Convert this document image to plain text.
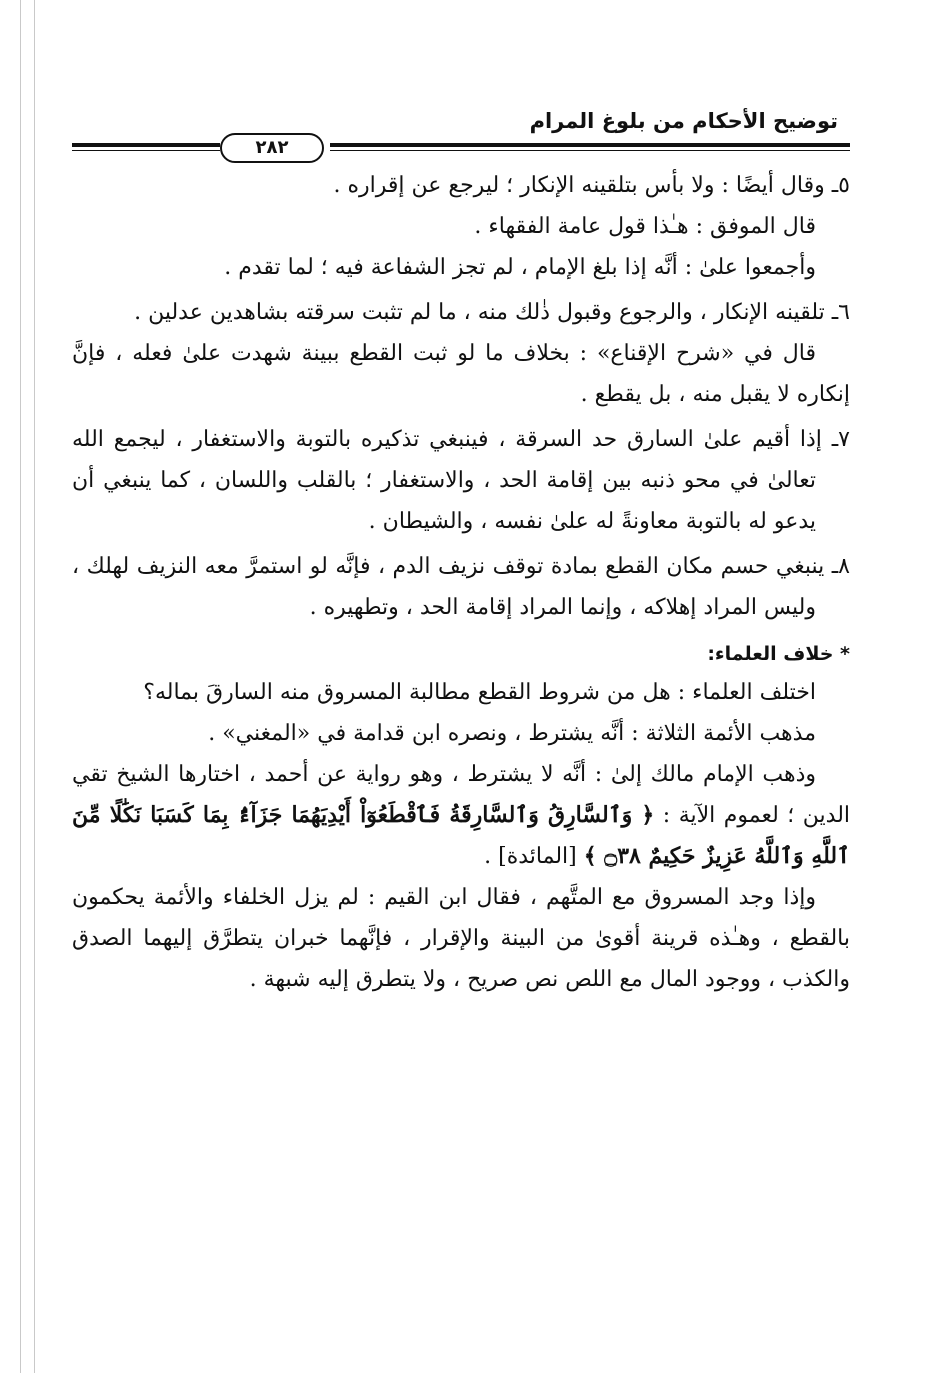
توضيح الأحكام من بلوغ المرام
٢٨٢

٥ـ وقال أيضًا : ولا بأس بتلقينه الإنكار ؛ ليرجع عن إقراره .

قال الموفق : هـٰذا قول عامة الفقهاء .

وأجمعوا علىٰ : أنَّه إذا بلغ الإمام ، لم تجز الشفاعة فيه ؛ لما تقدم .

٦ـ تلقينه الإنكار ، والرجوع وقبول ذٰلك منه ، ما لم تثبت سرقته بشاهدين عدلين .

قال في «شرح الإقناع» : بخلاف ما لو ثبت القطع ببينة شهدت علىٰ فعله ، فإنَّ إنكاره لا يقبل منه ، بل يقطع .

٧ـ إذا أقيم علىٰ السارق حد السرقة ، فينبغي تذكيره بالتوبة والاستغفار ، ليجمع الله تعالىٰ في محو ذنبه بين إقامة الحد ، والاستغفار ؛ بالقلب واللسان ، كما ينبغي أن يدعو له بالتوبة معاونةً له علىٰ نفسه ، والشيطان .

٨ـ ينبغي حسم مكان القطع بمادة توقف نزيف الدم ، فإنَّه لو استمرَّ معه النزيف لهلك ، وليس المراد إهلاكه ، وإنما المراد إقامة الحد ، وتطهيره .

* خلاف العلماء:

اختلف العلماء : هل من شروط القطع مطالبة المسروق منه السارقَ بماله؟

مذهب الأئمة الثلاثة : أنَّه يشترط ، ونصره ابن قدامة في «المغني» .

وذهب الإمام مالك إلىٰ : أنَّه لا يشترط ، وهو رواية عن أحمد ، اختارها الشيخ تقي الدين ؛ لعموم الآية : ﴿ وَٱلسَّارِقُ وَٱلسَّارِقَةُ فَٱقْطَعُوٓاْ أَيْدِيَهُمَا جَزَآءًۢ بِمَا كَسَبَا نَكَٰلًا مِّنَ ٱللَّهِ وَٱللَّهُ عَزِيزٌ حَكِيمٌ ۝٣٨ ﴾ [المائدة] .

وإذا وجد المسروق مع المتَّهم ، فقال ابن القيم : لم يزل الخلفاء والأئمة يحكمون بالقطع ، وهـٰذه قرينة أقوىٰ من البينة والإقرار ، فإنَّهما خبران يتطرَّق إليهما الصدق والكذب ، ووجود المال مع اللص نص صريح ، ولا يتطرق إليه شبهة .
